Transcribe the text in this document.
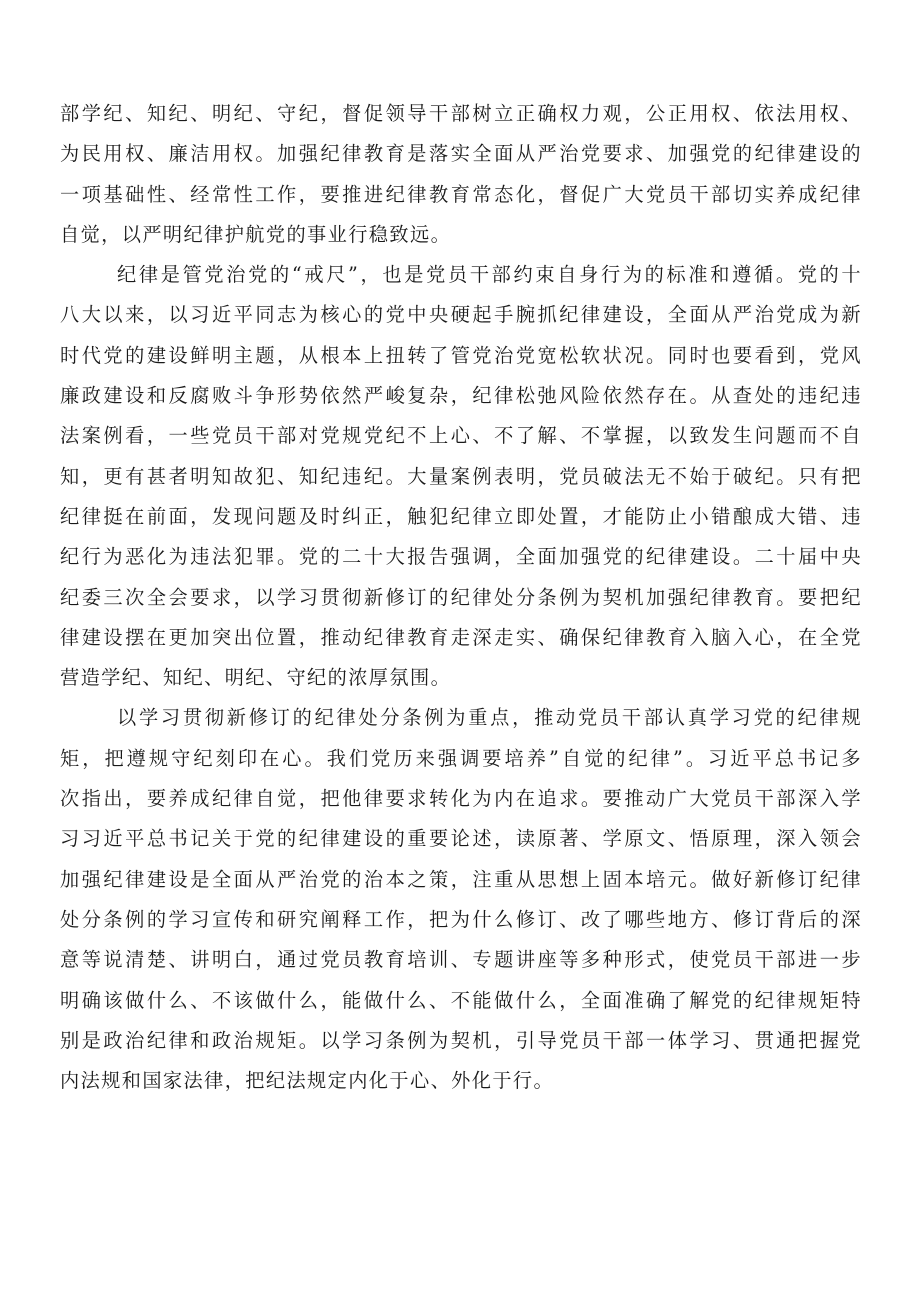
部学纪、知纪、明纪、守纪，督促领导干部树立正确权力观，公正用权、依法用权、
为民用权、廉洁用权。加强纪律教育是落实全面从严治党要求、加强党的纪律建设的
一项基础性、经常性工作，要推进纪律教育常态化，督促广大党员干部切实养成纪律
自觉，以严明纪律护航党的事业行稳致远。
纪律是管党治党的“戒尺”，也是党员干部约束自身行为的标准和遵循。党的十
八大以来，以习近平同志为核心的党中央硬起手腕抓纪律建设，全面从严治党成为新
时代党的建设鲜明主题，从根本上扭转了管党治党宽松软状况。同时也要看到，党风
廉政建设和反腐败斗争形势依然严峻复杂，纪律松弛风险依然存在。从查处的违纪违
法案例看，一些党员干部对党规党纪不上心、不了解、不掌握，以致发生问题而不自
知，更有甚者明知故犯、知纪违纪。大量案例表明，党员破法无不始于破纪。只有把
纪律挺在前面，发现问题及时纠正，触犯纪律立即处置，才能防止小错酿成大错、违
纪行为恶化为违法犯罪。党的二十大报告强调，全面加强党的纪律建设。二十届中央
纪委三次全会要求，以学习贯彻新修订的纪律处分条例为契机加强纪律教育。要把纪
律建设摆在更加突出位置，推动纪律教育走深走实、确保纪律教育入脑入心，在全党
营造学纪、知纪、明纪、守纪的浓厚氛围。
以学习贯彻新修订的纪律处分条例为重点，推动党员干部认真学习党的纪律规
矩，把遵规守纪刻印在心。我们党历来强调要培养”自觉的纪律”。习近平总书记多
次指出，要养成纪律自觉，把他律要求转化为内在追求。要推动广大党员干部深入学
习习近平总书记关于党的纪律建设的重要论述，读原著、学原文、悟原理，深入领会
加强纪律建设是全面从严治党的治本之策，注重从思想上固本培元。做好新修订纪律
处分条例的学习宣传和研究阐释工作，把为什么修订、改了哪些地方、修订背后的深
意等说清楚、讲明白，通过党员教育培训、专题讲座等多种形式，使党员干部进一步
明确该做什么、不该做什么，能做什么、不能做什么，全面准确了解党的纪律规矩特
别是政治纪律和政治规矩。以学习条例为契机，引导党员干部一体学习、贯通把握党
内法规和国家法律，把纪法规定内化于心、外化于行。
